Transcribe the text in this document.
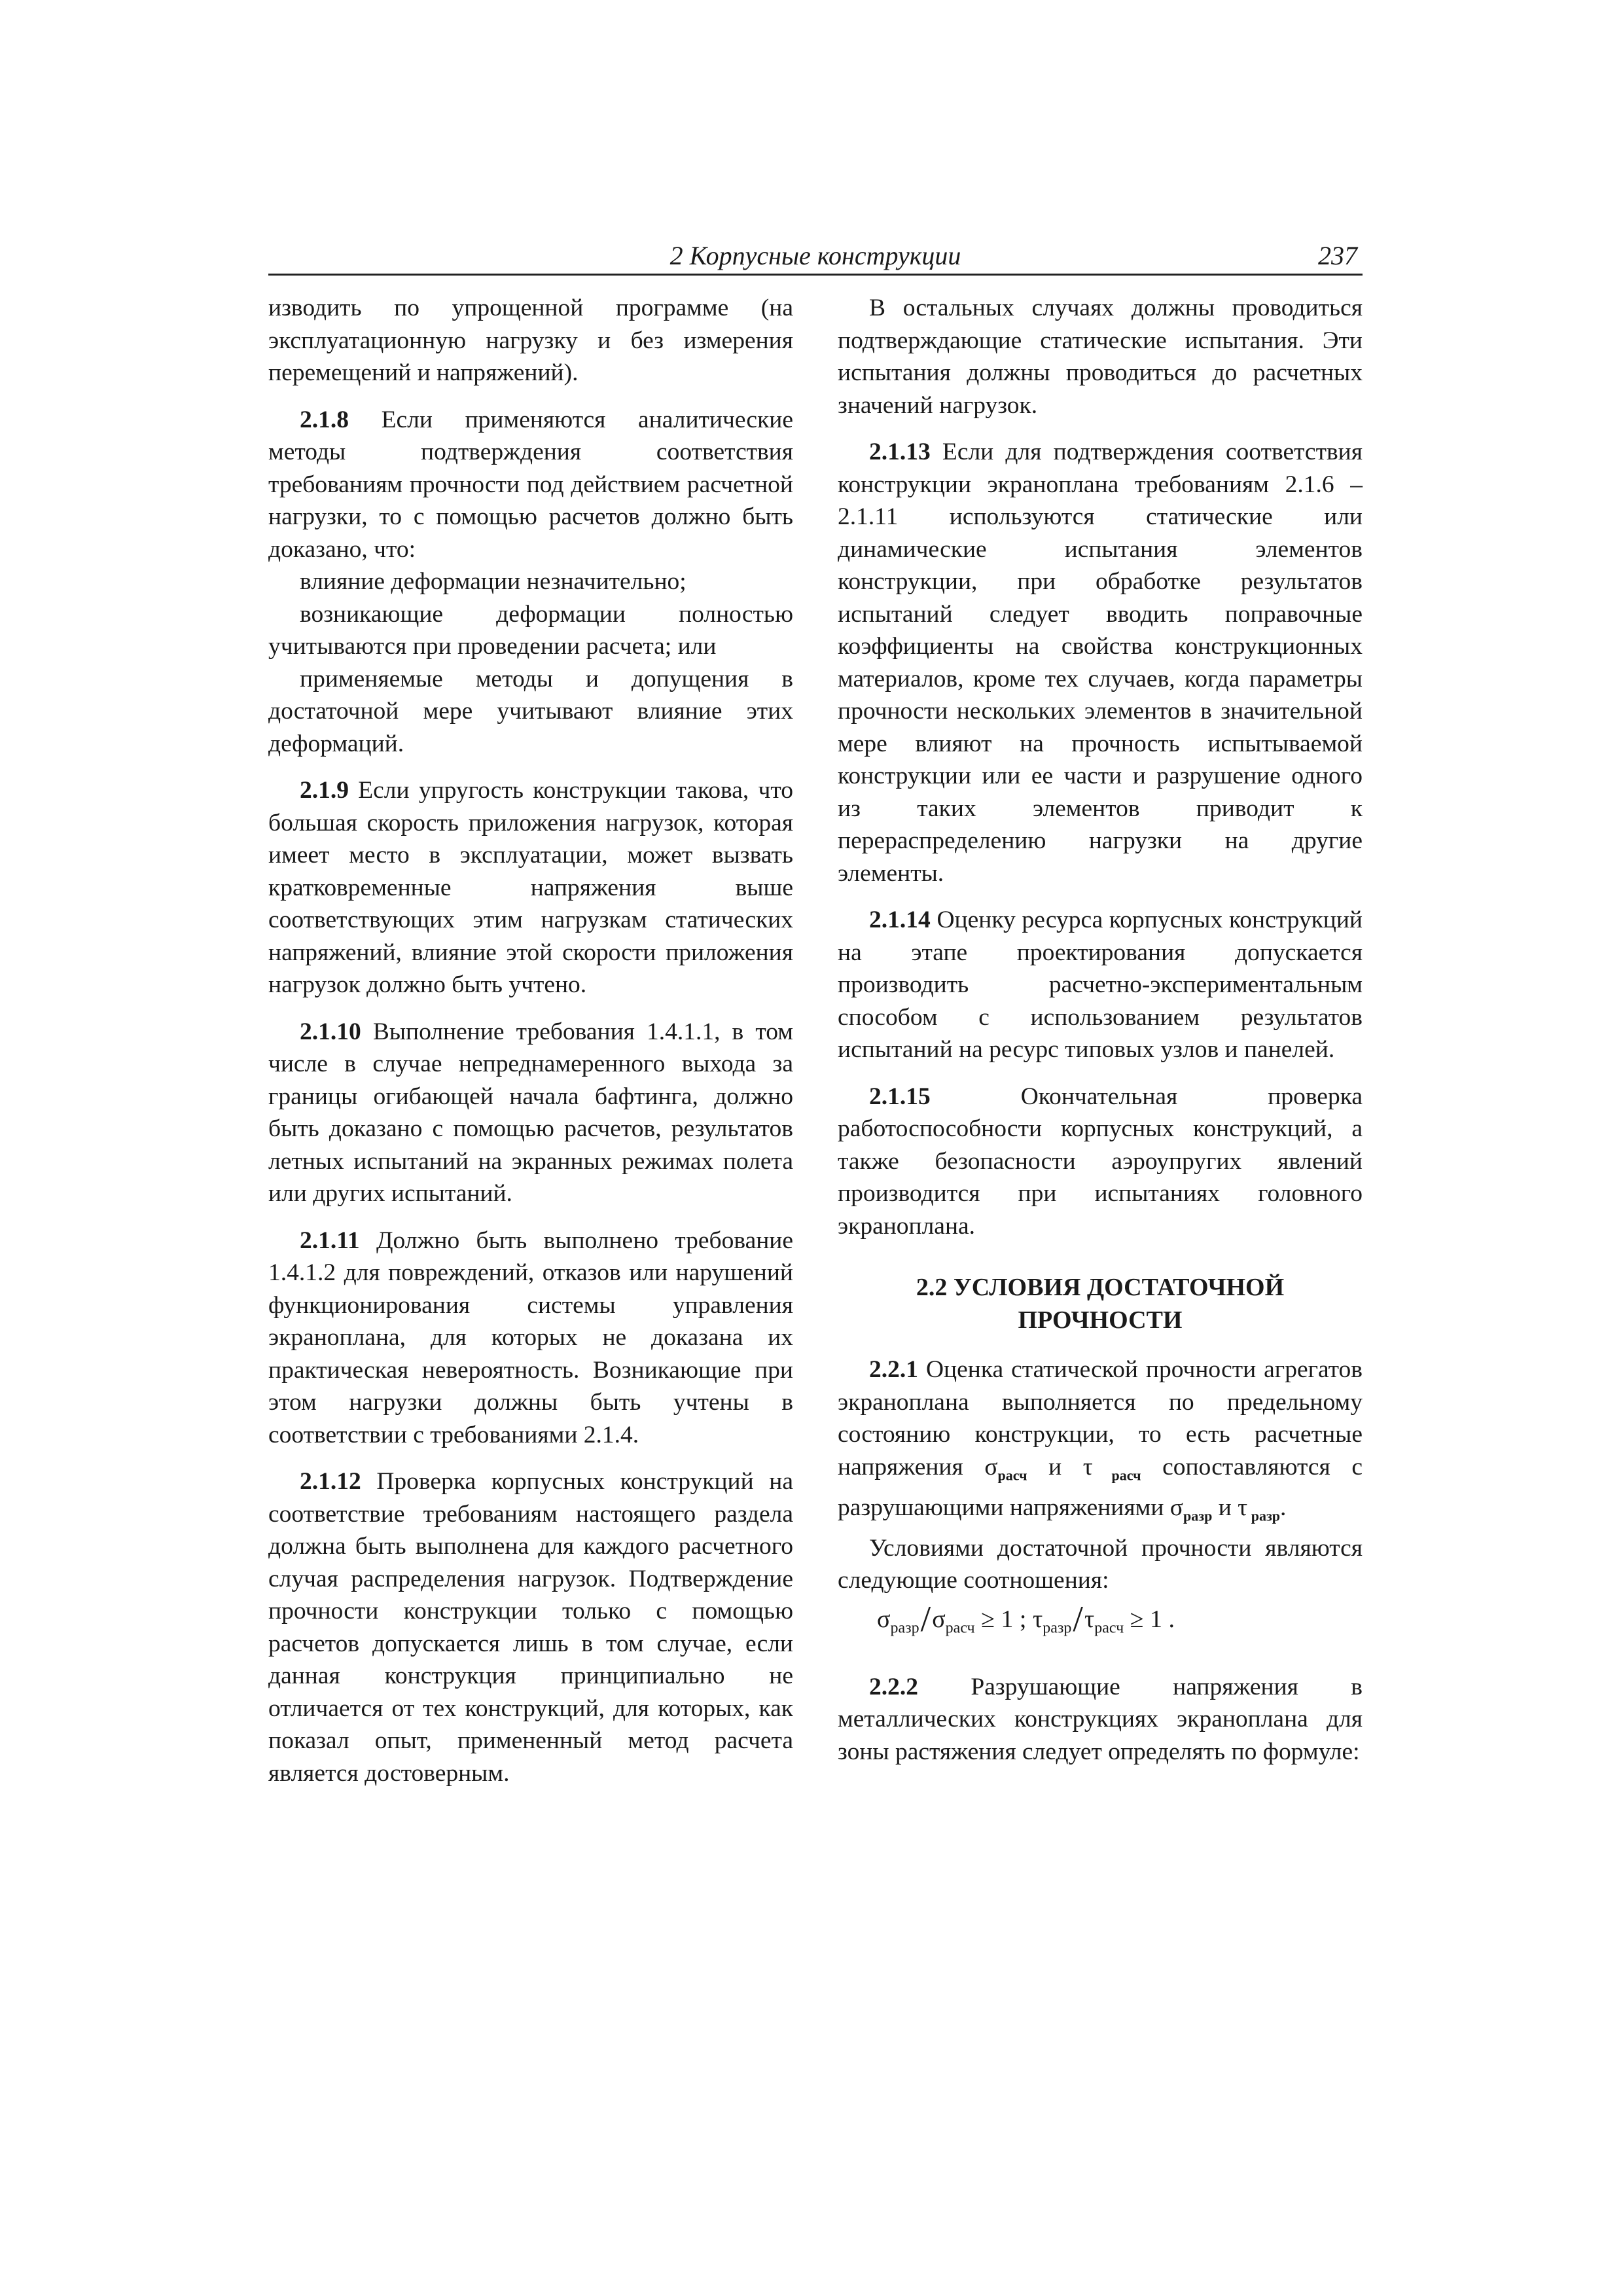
2 Корпусные конструкции	237

изводить по упрощенной программе (на эксплуатационную нагрузку и без измерения перемещений и напряжений).

2.1.8 Если применяются аналитические методы подтверждения соответствия требованиям прочности под действием расчетной нагрузки, то с помощью расчетов должно быть доказано, что:

влияние деформации незначительно;

возникающие деформации полностью учитываются при проведении расчета; или

применяемые методы и допущения в достаточной мере учитывают влияние этих деформаций.

2.1.9 Если упругость конструкции такова, что большая скорость приложения нагрузок, которая имеет место в эксплуатации, может вызвать кратковременные напряжения выше соответствующих этим нагрузкам статических напряжений, влияние этой скорости приложения нагрузок должно быть учтено.

2.1.10 Выполнение требования 1.4.1.1, в том числе в случае непреднамеренного выхода за границы огибающей начала бафтинга, должно быть доказано с помощью расчетов, результатов летных испытаний на экранных режимах полета или других испытаний.

2.1.11 Должно быть выполнено требование 1.4.1.2 для повреждений, отказов или нарушений функционирования системы управления экраноплана, для которых не доказана их практическая невероятность. Возникающие при этом нагрузки должны быть учтены в соответствии с требованиями 2.1.4.

2.1.12 Проверка корпусных конструкций на соответствие требованиям настоящего раздела должна быть выполнена для каждого расчетного случая распределения нагрузок. Подтверждение прочности конструкции только с помощью расчетов допускается лишь в том случае, если данная конструкция принципиально не отличается от тех конструкций, для которых, как показал опыт, примененный метод расчета является достоверным.

В остальных случаях должны проводиться подтверждающие статические испытания. Эти испытания должны проводиться до расчетных значений нагрузок.

2.1.13 Если для подтверждения соответствия конструкции экраноплана требованиям 2.1.6 – 2.1.11 используются статические или динамические испытания элементов конструкции, при обработке результатов испытаний следует вводить поправочные коэффициенты на свойства конструкционных материалов, кроме тех случаев, когда параметры прочности нескольких элементов в значительной мере влияют на прочность испытываемой конструкции или ее части и разрушение одного из таких элементов приводит к перераспределению нагрузки на другие элементы.

2.1.14 Оценку ресурса корпусных конструкций на этапе проектирования допускается производить расчетно-экспериментальным способом с использованием результатов испытаний на ресурс типовых узлов и панелей.

2.1.15 Окончательная проверка работоспособности корпусных конструкций, а также безопасности аэроупругих явлений производится при испытаниях головного экраноплана.

2.2 УСЛОВИЯ ДОСТАТОЧНОЙ
ПРОЧНОСТИ

2.2.1 Оценка статической прочности агрегатов экраноплана выполняется по предельному состоянию конструкции, то есть расчетные напряжения $\sigma_{расч}$ и τ $_{расч}$ сопоставляются с разрушающими напряжениями $\sigma_{разр}$ и τ $_{разр}$.

Условиями достаточной прочности являются следующие соотношения:

$\sigma_{разр}/\sigma_{расч} \ge 1$ ; $\tau_{разр}/\tau_{расч} \ge 1$ .

2.2.2 Разрушающие напряжения в металлических конструкциях экраноплана для зоны растяжения следует определять по формуле:
